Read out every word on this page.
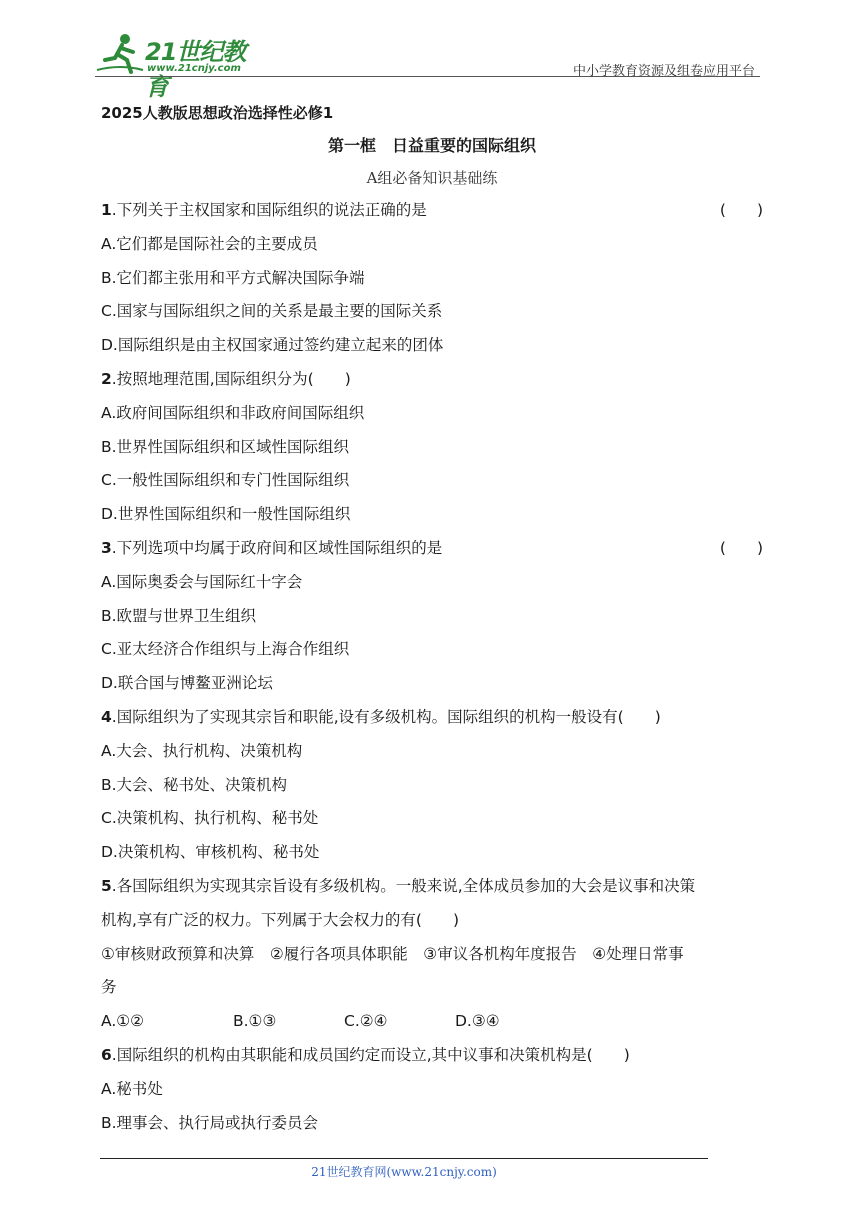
21世纪教育
www.21cnjy.com	中小学教育资源及组卷应用平台
2025人教版思想政治选择性必修1
第一框　日益重要的国际组织
A组必备知识基础练
1.下列关于主权国家和国际组织的说法正确的是	(　　)
A.它们都是国际社会的主要成员
B.它们都主张用和平方式解决国际争端
C.国家与国际组织之间的关系是最主要的国际关系
D.国际组织是由主权国家通过签约建立起来的团体
2.按照地理范围,国际组织分为(　　)
A.政府间国际组织和非政府间国际组织
B.世界性国际组织和区域性国际组织
C.一般性国际组织和专门性国际组织
D.世界性国际组织和一般性国际组织
3.下列选项中均属于政府间和区域性国际组织的是	(　　)
A.国际奥委会与国际红十字会
B.欧盟与世界卫生组织
C.亚太经济合作组织与上海合作组织
D.联合国与博鳌亚洲论坛
4.国际组织为了实现其宗旨和职能,设有多级机构。国际组织的机构一般设有(　　)
A.大会、执行机构、决策机构
B.大会、秘书处、决策机构
C.决策机构、执行机构、秘书处
D.决策机构、审核机构、秘书处
5.各国际组织为实现其宗旨设有多级机构。一般来说,全体成员参加的大会是议事和决策
机构,享有广泛的权力。下列属于大会权力的有(　　)
①审核财政预算和决算　②履行各项具体职能　③审议各机构年度报告　④处理日常事
务
A.①②	B.①③	C.②④	D.③④
6.国际组织的机构由其职能和成员国约定而设立,其中议事和决策机构是(　　)
A.秘书处
B.理事会、执行局或执行委员会
21世纪教育网(www.21cnjy.com)
